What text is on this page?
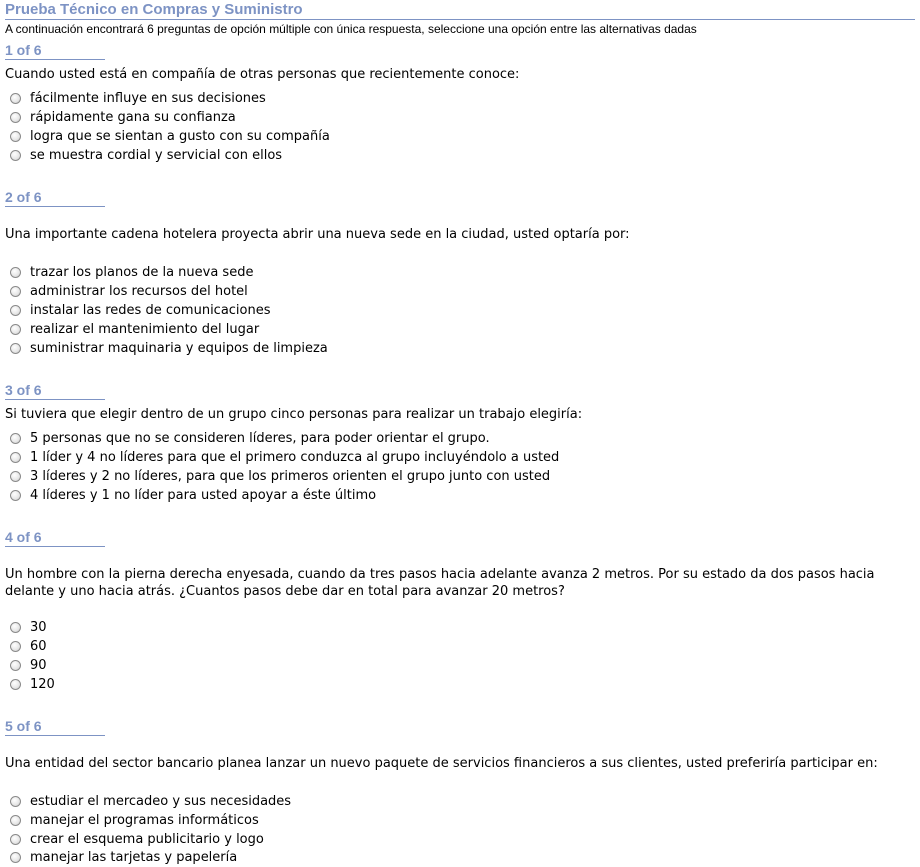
Prueba Técnico en Compras y Suministro
A continuación encontrará 6 preguntas de opción múltiple con única respuesta, seleccione una opción entre las alternativas dadas
1 of 6
Cuando usted está en compañía de otras personas que recientemente conoce:
fácilmente influye en sus decisiones
rápidamente gana su confianza
logra que se sientan a gusto con su compañía
se muestra cordial y servicial con ellos
2 of 6
Una importante cadena hotelera proyecta abrir una nueva sede en la ciudad, usted optaría por:
trazar los planos de la nueva sede
administrar los recursos del hotel
instalar las redes de comunicaciones
realizar el mantenimiento del lugar
suministrar maquinaria y equipos de limpieza
3 of 6
Si tuviera que elegir dentro de un grupo cinco personas para realizar un trabajo elegiría:
5 personas que no se consideren líderes, para poder orientar el grupo.
1 líder y 4 no líderes para que el primero conduzca al grupo incluyéndolo a usted
3 líderes y 2 no líderes, para que los primeros orienten el grupo junto con usted
4 líderes y 1 no líder para usted apoyar a éste último
4 of 6
Un hombre con la pierna derecha enyesada, cuando da tres pasos hacia adelante avanza 2 metros. Por su estado da dos pasos hacia delante y uno hacia atrás. ¿Cuantos pasos debe dar en total para avanzar 20 metros?
30
60
90
120
5 of 6
Una entidad del sector bancario planea lanzar un nuevo paquete de servicios financieros a sus clientes, usted preferiría participar en:
estudiar el mercadeo y sus necesidades
manejar el programas informáticos
crear el esquema publicitario y logo
manejar las tarjetas y papelería
